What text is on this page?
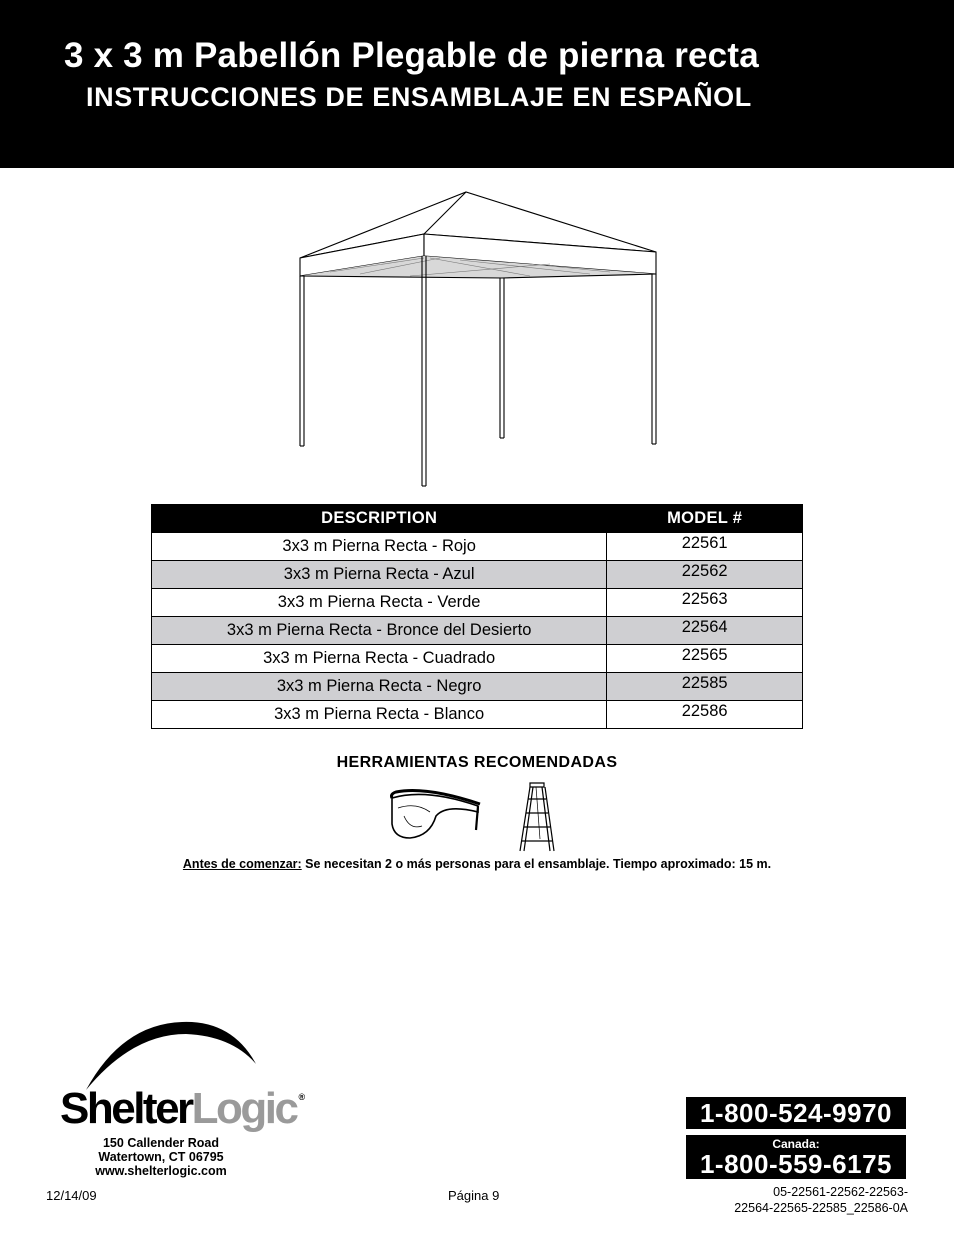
3 x 3 m Pabellón Plegable de pierna recta
INSTRUCCIONES DE ENSAMBLAJE EN ESPAÑOL
DESCRIPTION	MODEL #
3x3 m Pierna Recta - Rojo	22561
3x3 m Pierna Recta - Azul	22562
3x3 m Pierna Recta - Verde	22563
3x3 m Pierna Recta - Bronce del Desierto	22564
3x3 m Pierna Recta - Cuadrado	22565
3x3 m Pierna Recta - Negro	22585
3x3 m Pierna Recta - Blanco	22586
HERRAMIENTAS RECOMENDADAS
Antes de comenzar: Se necesitan 2 o más personas para el ensamblaje. Tiempo aproximado: 15 m.
ShelterLogic ®
150 Callender Road
Watertown, CT 06795
www.shelterlogic.com
1-800-524-9970
Canada:
1-800-559-6175
12/14/09	Página 9	05-22561-22562-22563-
22564-22565-22585_22586-0A
